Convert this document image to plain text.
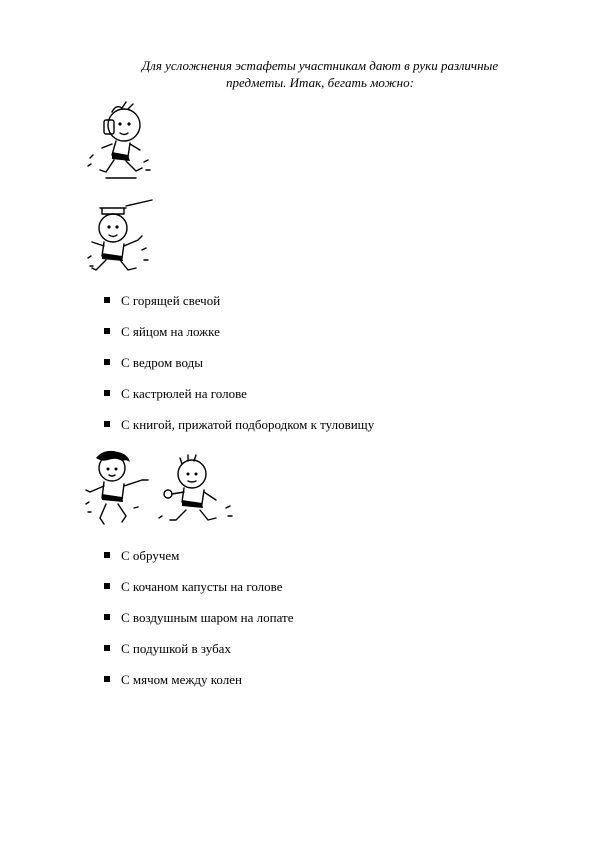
Для усложнения эстафеты участникам дают в руки различные
предметы. Итак, бегать можно:
С горящей свечой
С яйцом на ложке
С ведром воды
С кастрюлей на голове
С книгой, прижатой подбородком к туловищу
С обручем
С кочаном капусты на голове
С воздушным шаром на лопате
С подушкой в зубах
С мячом между колен
